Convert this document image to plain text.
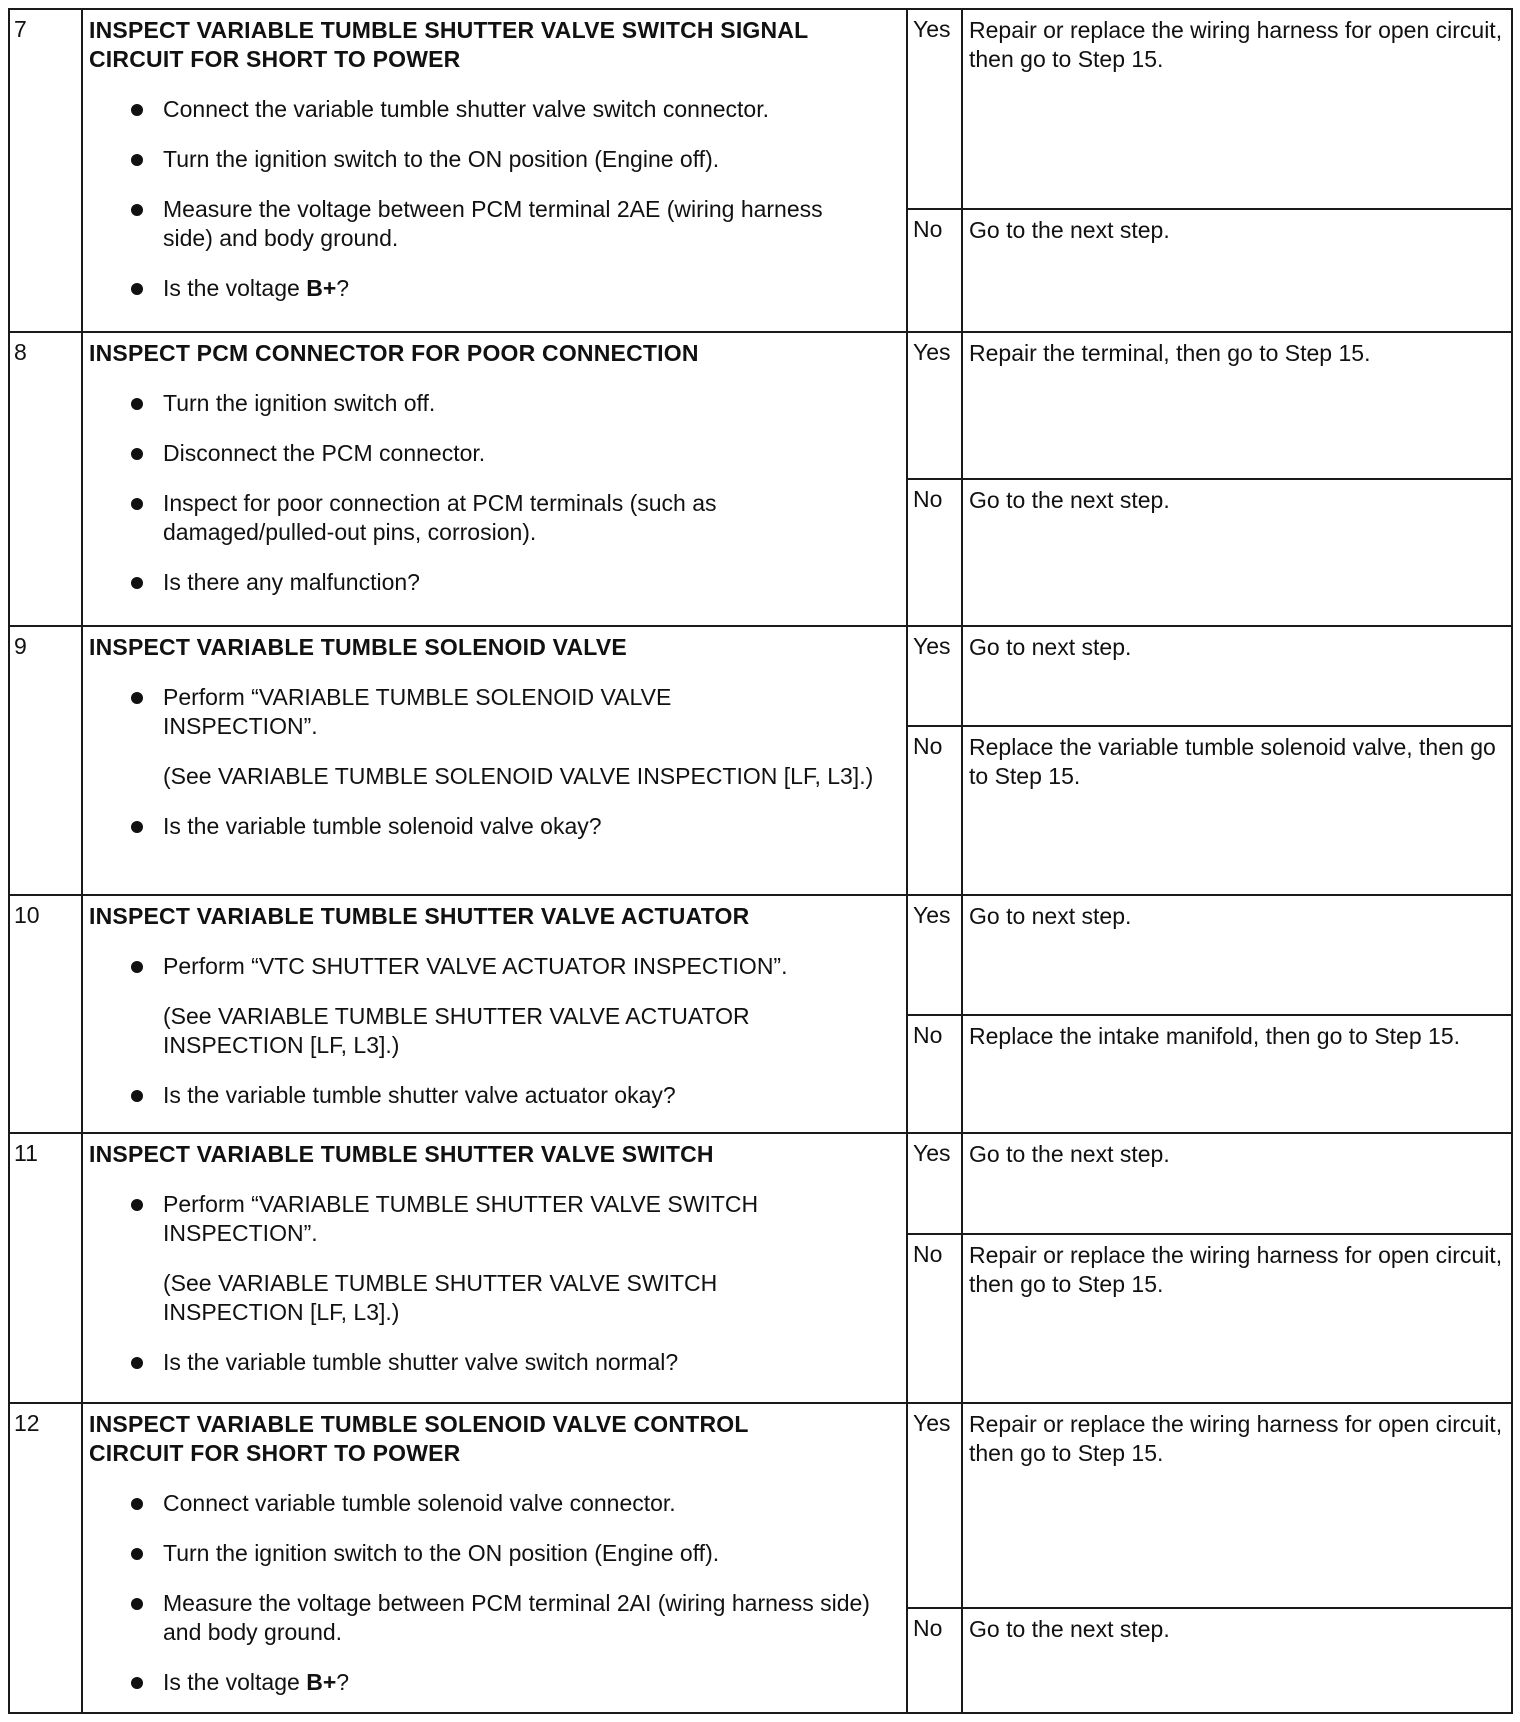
7	INSPECT VARIABLE TUMBLE SHUTTER VALVE SWITCH SIGNAL
CIRCUIT FOR SHORT TO POWER
Connect the variable tumble shutter valve switch connector.
Turn the ignition switch to the ON position (Engine off).
Measure the voltage between PCM terminal 2AE (wiring harness side) and body ground.
Is the voltage B+?
Yes Repair or replace the wiring harness for open circuit, then go to Step 15.
No	Go to the next step.
8	INSPECT PCM CONNECTOR FOR POOR CONNECTION
Turn the ignition switch off.
Disconnect the PCM connector.
Inspect for poor connection at PCM terminals (such as damaged/pulled-out pins, corrosion).
Is there any malfunction?
Yes Repair the terminal, then go to Step 15.
No	Go to the next step.
9	INSPECT VARIABLE TUMBLE SOLENOID VALVE
Perform “VARIABLE TUMBLE SOLENOID VALVE INSPECTION”.
(See VARIABLE TUMBLE SOLENOID VALVE INSPECTION [LF, L3].)
Is the variable tumble solenoid valve okay?
Yes Go to next step.
No	Replace the variable tumble solenoid valve, then go to Step 15.
10	INSPECT VARIABLE TUMBLE SHUTTER VALVE ACTUATOR
Perform “VTC SHUTTER VALVE ACTUATOR INSPECTION”.
(See VARIABLE TUMBLE SHUTTER VALVE ACTUATOR INSPECTION [LF, L3].)
Is the variable tumble shutter valve actuator okay?
Yes Go to next step.
No	Replace the intake manifold, then go to Step 15.
11	INSPECT VARIABLE TUMBLE SHUTTER VALVE SWITCH
Perform “VARIABLE TUMBLE SHUTTER VALVE SWITCH INSPECTION”.
(See VARIABLE TUMBLE SHUTTER VALVE SWITCH INSPECTION [LF, L3].)
Is the variable tumble shutter valve switch normal?
Yes Go to the next step.
No	Repair or replace the wiring harness for open circuit, then go to Step 15.
12	INSPECT VARIABLE TUMBLE SOLENOID VALVE CONTROL
CIRCUIT FOR SHORT TO POWER
Connect variable tumble solenoid valve connector.
Turn the ignition switch to the ON position (Engine off).
Measure the voltage between PCM terminal 2AI (wiring harness side) and body ground.
Is the voltage B+?
Yes Repair or replace the wiring harness for open circuit, then go to Step 15.
No	Go to the next step.
